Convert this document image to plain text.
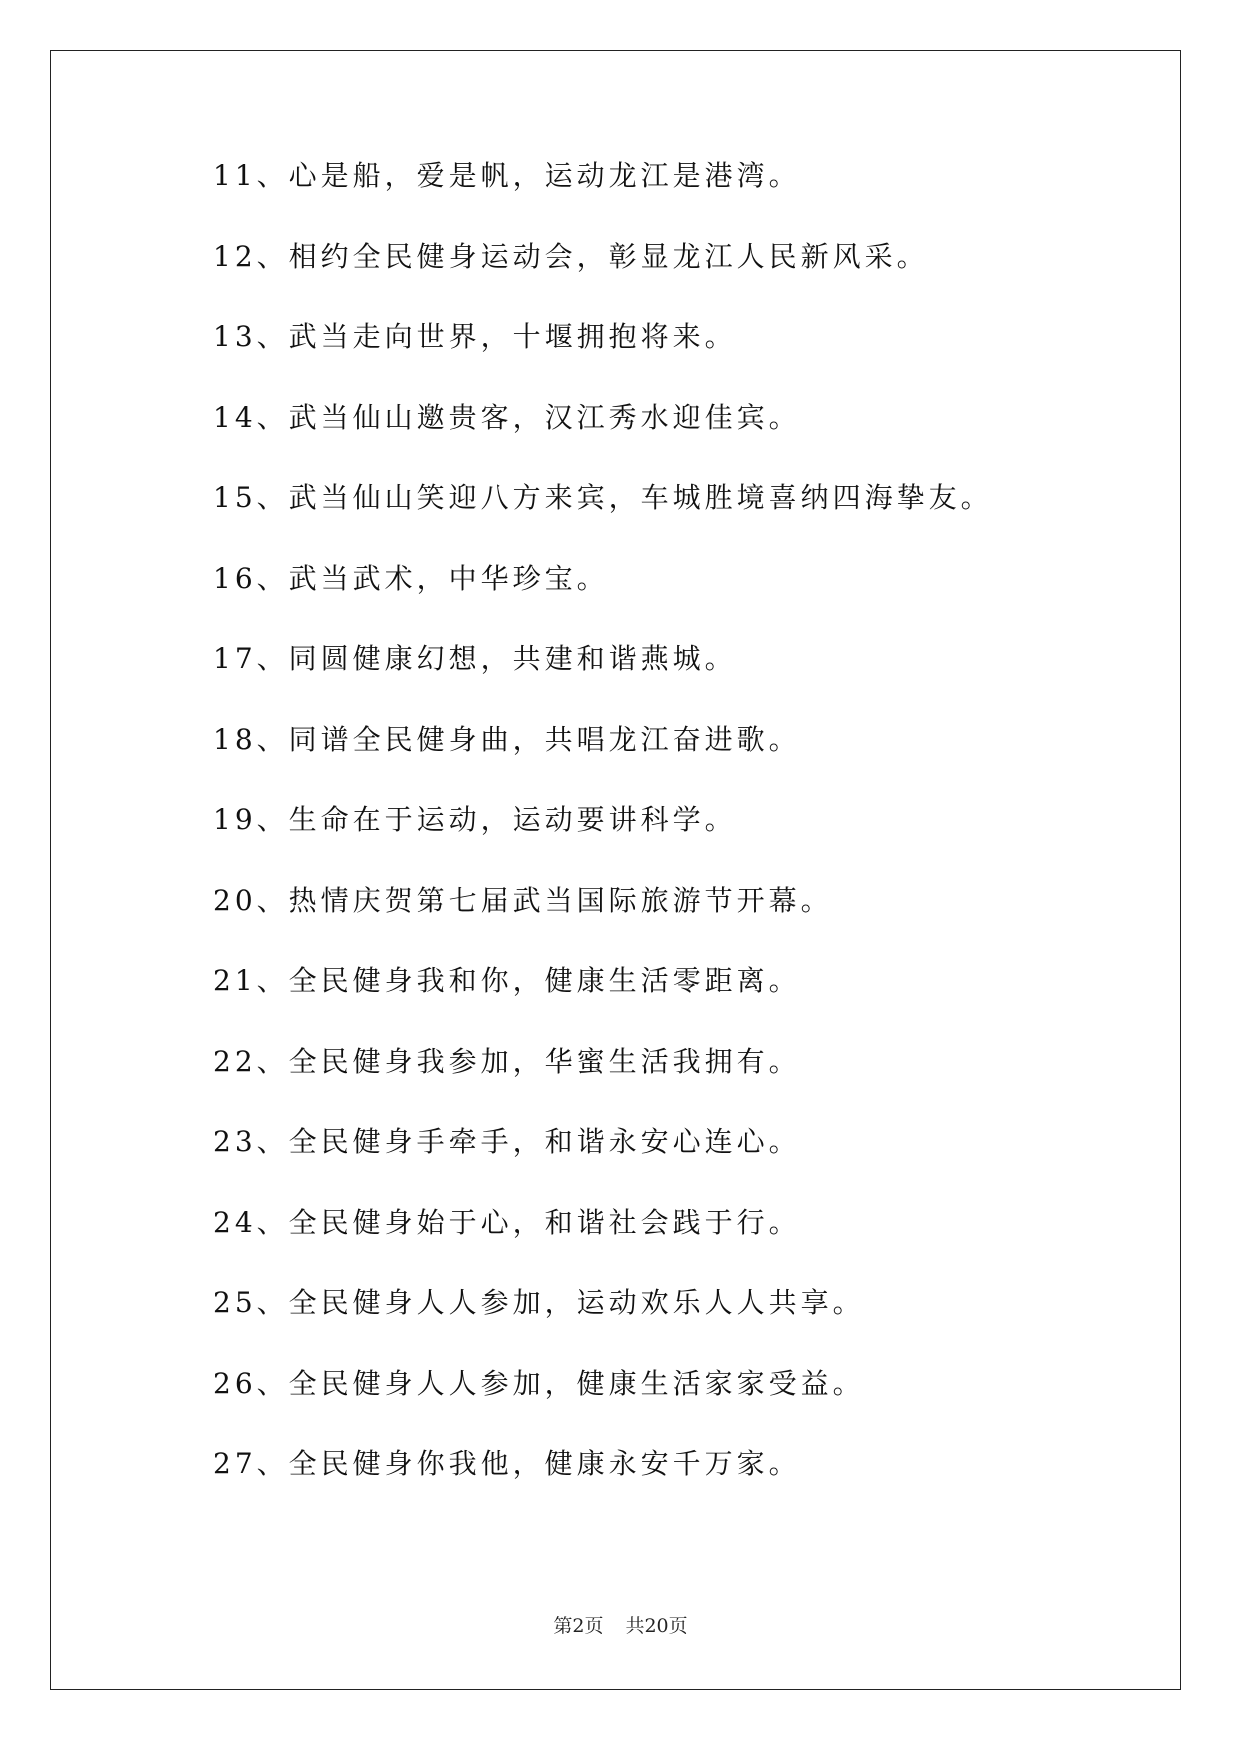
11、心是船，爱是帆，运动龙江是港湾。
12、相约全民健身运动会，彰显龙江人民新风采。
13、武当走向世界，十堰拥抱将来。
14、武当仙山邀贵客，汉江秀水迎佳宾。
15、武当仙山笑迎八方来宾，车城胜境喜纳四海挚友。
16、武当武术，中华珍宝。
17、同圆健康幻想，共建和谐燕城。
18、同谱全民健身曲，共唱龙江奋进歌。
19、生命在于运动，运动要讲科学。
20、热情庆贺第七届武当国际旅游节开幕。
21、全民健身我和你，健康生活零距离。
22、全民健身我参加，华蜜生活我拥有。
23、全民健身手牵手，和谐永安心连心。
24、全民健身始于心，和谐社会践于行。
25、全民健身人人参加，运动欢乐人人共享。
26、全民健身人人参加，健康生活家家受益。
27、全民健身你我他，健康永安千万家。
第2页 共20页
